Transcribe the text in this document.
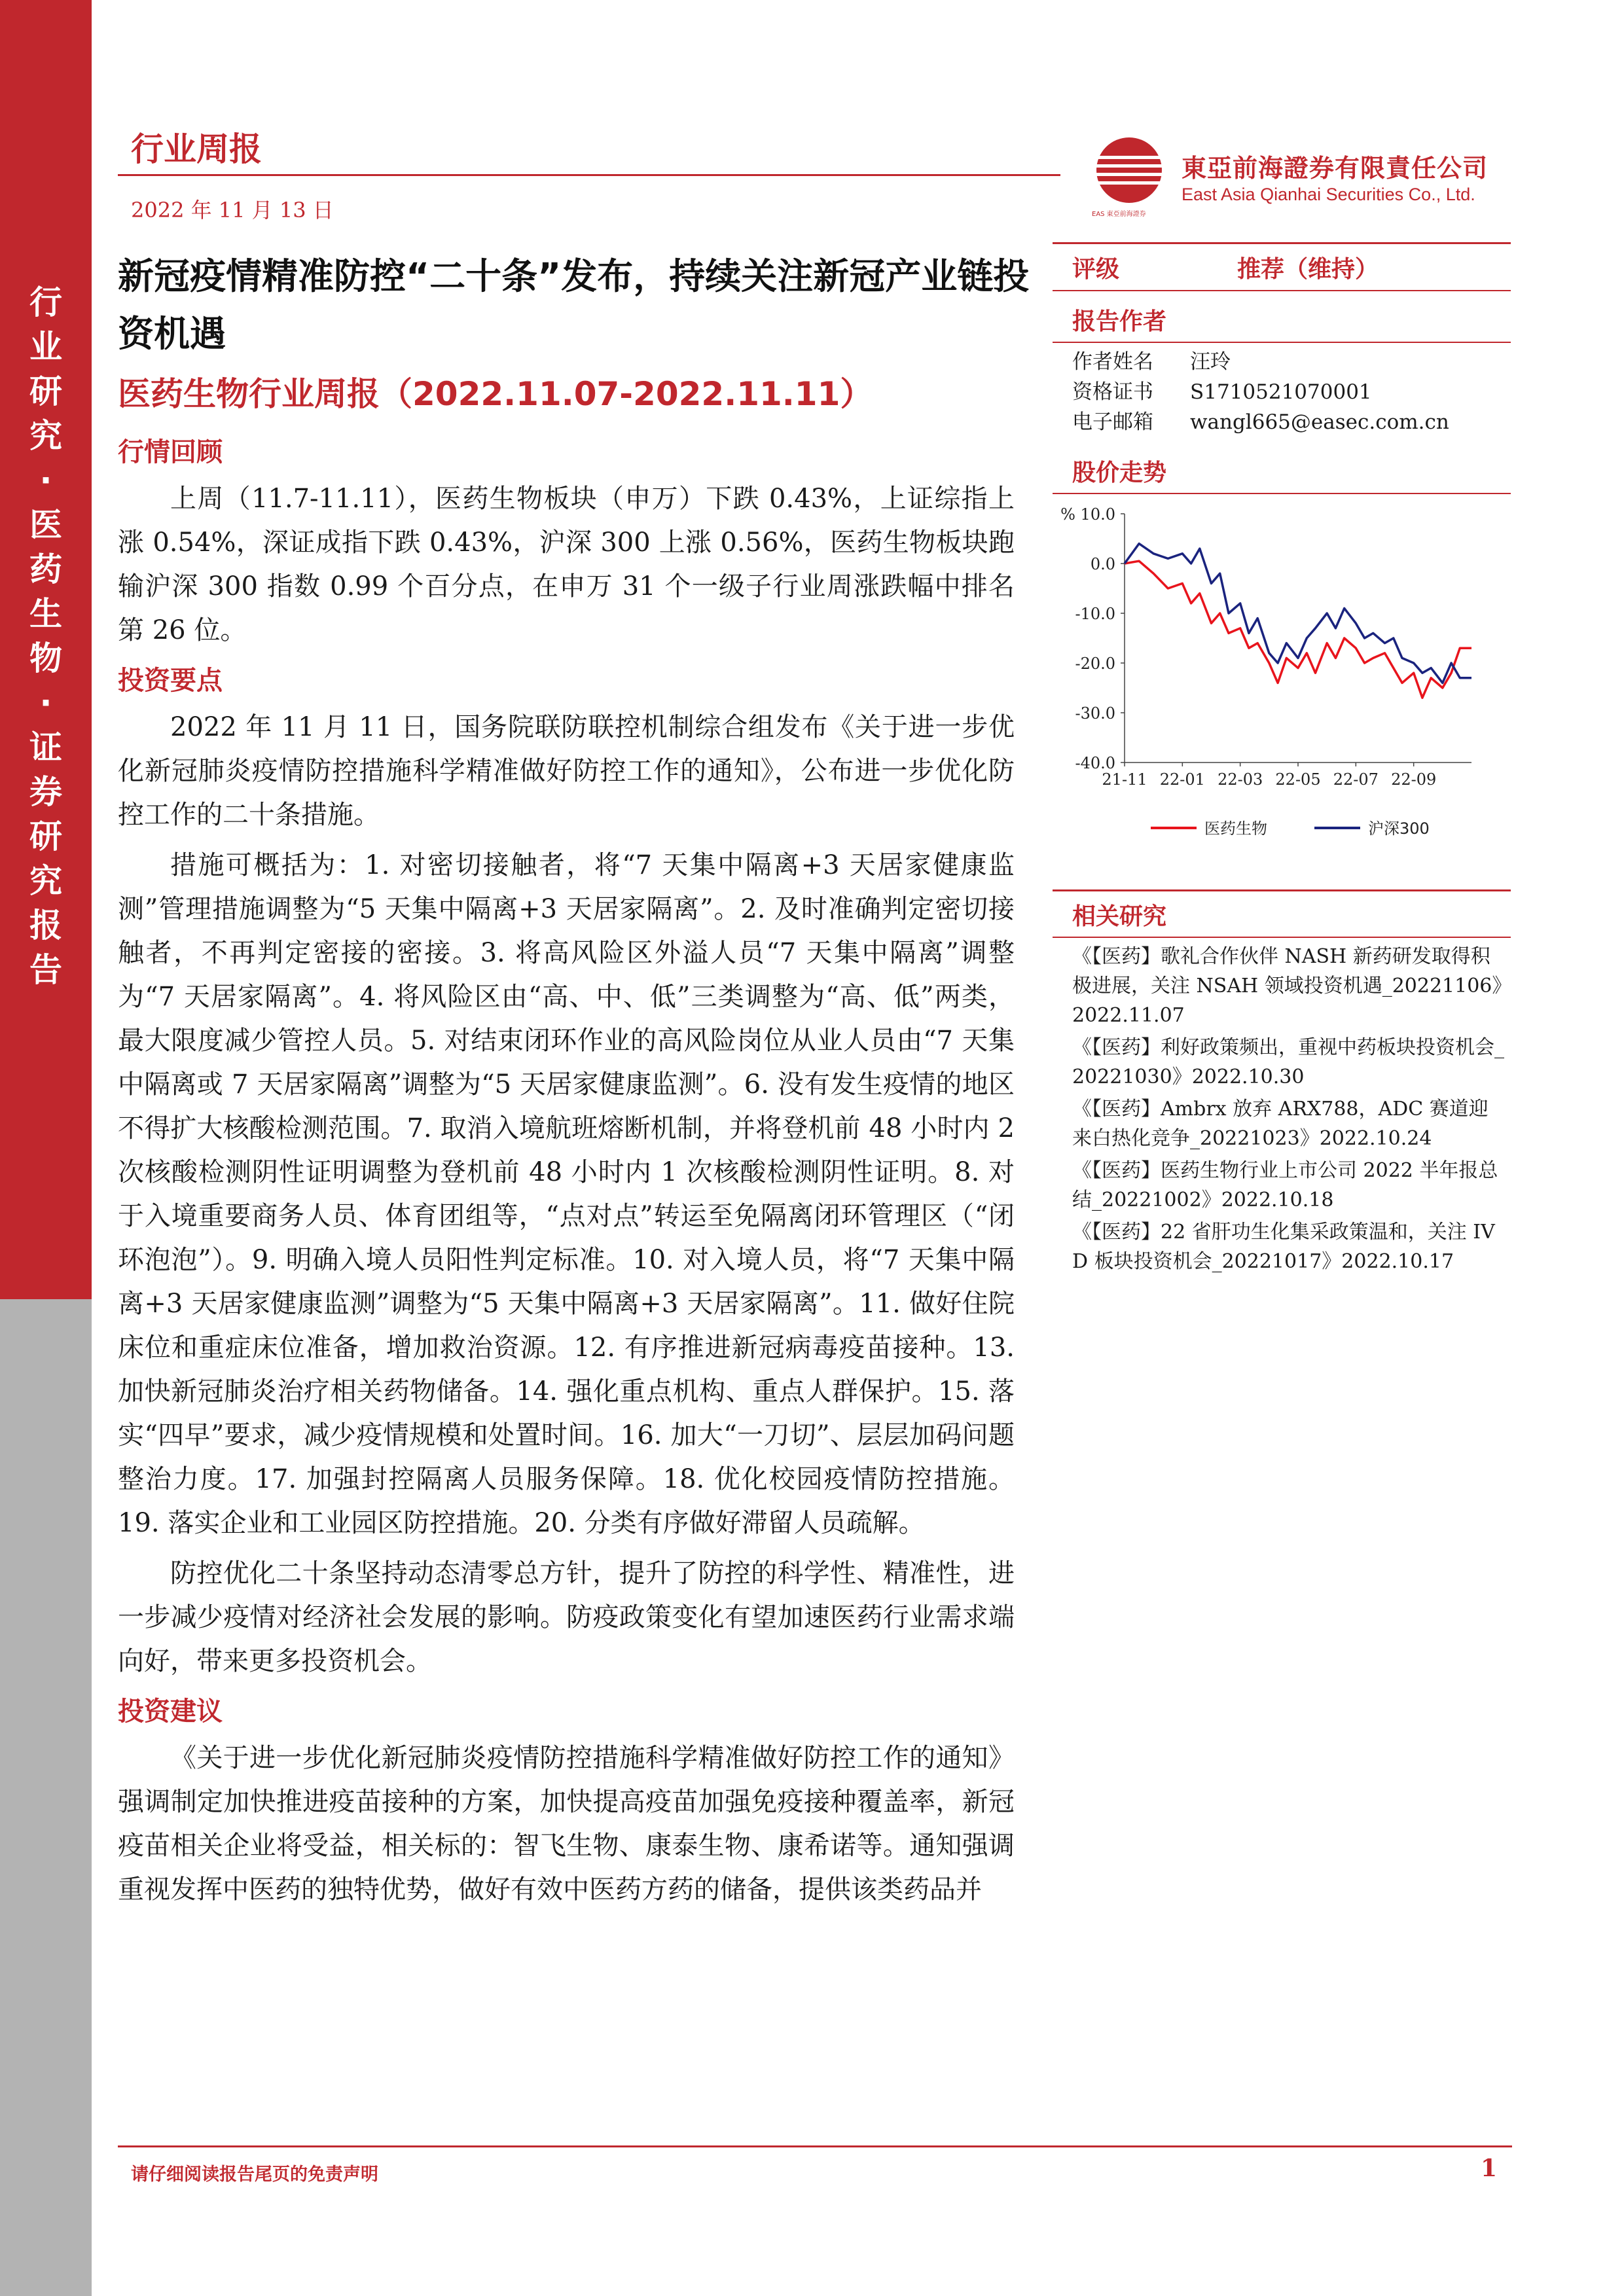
行
业
研
究
·
医
药
生
物
·
证
券
研
究
报
告
行业周报
2022 年 11 月 13 日	EAS 東亞前海證券
東亞前海證券有限責任公司
East Asia Qianhai Securities Co., Ltd.
新冠疫情精准防控“二十条”发布，持续关注新冠产业链投资机遇
医药生物行业周报（2022.11.07-2022.11.11）
行情回顾

上周（11.7-11.11），医药生物板块（申万）下跌 0.43%，上证综指上涨 0.54%，深证成指下跌 0.43%，沪深 300 上涨 0.56%，医药生物板块跑输沪深 300 指数 0.99 个百分点，在申万 31 个一级子行业周涨跌幅中排名第 26 位。

投资要点

2022 年 11 月 11 日，国务院联防联控机制综合组发布《关于进一步优化新冠肺炎疫情防控措施科学精准做好防控工作的通知》，公布进一步优化防控工作的二十条措施。

措施可概括为：1. 对密切接触者，将“7 天集中隔离+3 天居家健康监测”管理措施调整为“5 天集中隔离+3 天居家隔离”。2. 及时准确判定密切接触者，不再判定密接的密接。3. 将高风险区外溢人员“7 天集中隔离”调整为“7 天居家隔离”。4. 将风险区由“高、中、低”三类调整为“高、低”两类，最大限度减少管控人员。5. 对结束闭环作业的高风险岗位从业人员由“7 天集中隔离或 7 天居家隔离”调整为“5 天居家健康监测”。6. 没有发生疫情的地区不得扩大核酸检测范围。7. 取消入境航班熔断机制，并将登机前 48 小时内 2 次核酸检测阴性证明调整为登机前 48 小时内 1 次核酸检测阴性证明。8. 对于入境重要商务人员、体育团组等，“点对点”转运至免隔离闭环管理区（“闭环泡泡”）。9. 明确入境人员阳性判定标准。10. 对入境人员，将“7 天集中隔离+3 天居家健康监测”调整为“5 天集中隔离+3 天居家隔离”。11. 做好住院床位和重症床位准备，增加救治资源。12. 有序推进新冠病毒疫苗接种。13. 加快新冠肺炎治疗相关药物储备。14. 强化重点机构、重点人群保护。15. 落实“四早”要求，减少疫情规模和处置时间。16. 加大“一刀切”、层层加码问题整治力度。17. 加强封控隔离人员服务保障。18. 优化校园疫情防控措施。19. 落实企业和工业园区防控措施。20. 分类有序做好滞留人员疏解。

防控优化二十条坚持动态清零总方针，提升了防控的科学性、精准性，进一步减少疫情对经济社会发展的影响。防疫政策变化有望加速医药行业需求端向好，带来更多投资机会。

投资建议

《关于进一步优化新冠肺炎疫情防控措施科学精准做好防控工作的通知》强调制定加快推进疫苗接种的方案，加快提高疫苗加强免疫接种覆盖率，新冠疫苗相关企业将受益，相关标的：智飞生物、康泰生物、康希诺等。通知强调重视发挥中医药的独特优势，做好有效中医药方药的储备，提供该类药品并

评级	推荐（维持）
报告作者
作者姓名	汪玲
资格证书	S1710521070001
电子邮箱	wangl665@easec.com.cn
股价走势
% 10.0
0.0
-10.0
-20.0
-30.0
-40.0
21-11 22-01 22-03 22-05 22-07 22-09
医药生物	沪深300
相关研究
《【医药】歌礼合作伙伴 NASH 新药研发取得积极进展，关注 NSAH 领域投资机遇_20221106》2022.11.07
《【医药】利好政策频出，重视中药板块投资机会_20221030》2022.10.30
《【医药】Ambrx 放弃 ARX788，ADC 赛道迎来白热化竞争_20221023》2022.10.24
《【医药】医药生物行业上市公司 2022 半年报总结_20221002》2022.10.18
《【医药】22 省肝功生化集采政策温和，关注 IVD 板块投资机会_20221017》2022.10.17
请仔细阅读报告尾页的免责声明	1
